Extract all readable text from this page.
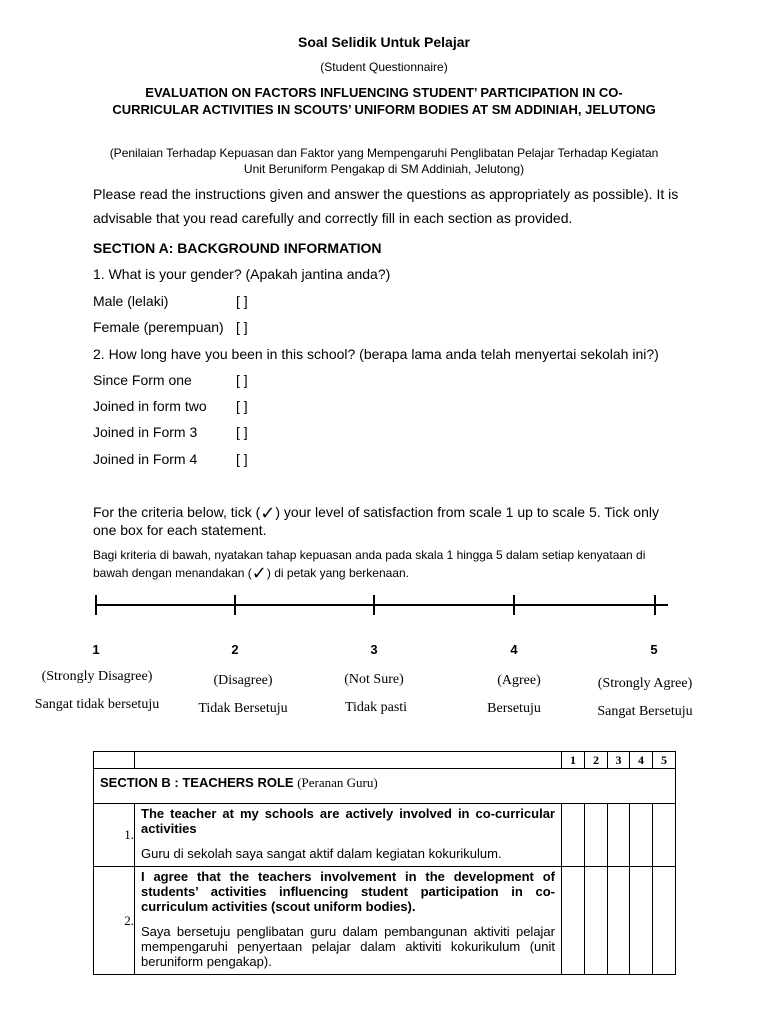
Soal Selidik Untuk Pelajar
(Student Questionnaire)
EVALUATION ON FACTORS INFLUENCING STUDENT’ PARTICIPATION IN CO-CURRICULAR ACTIVITIES IN SCOUTS’ UNIFORM BODIES AT SM ADDINIAH, JELUTONG
(Penilaian Terhadap Kepuasan dan Faktor yang Mempengaruhi Penglibatan Pelajar Terhadap Kegiatan Unit Beruniform Pengakap di SM Addiniah, Jelutong)
Please read the instructions given and answer the questions as appropriately as possible). It is advisable that you read carefully and correctly fill in each section as provided.
SECTION A: BACKGROUND INFORMATION
1. What is your gender? (Apakah jantina anda?)
Male (lelaki)	[ ]
Female (perempuan) [ ]
2. How long have you been in this school? (berapa lama anda telah menyertai sekolah ini?)
Since Form one	[ ]
Joined in form two [ ]
Joined in Form 3	[ ]
Joined in Form 4	[ ]
For the criteria below, tick (✓) your level of satisfaction from scale 1 up to scale 5. Tick only one box for each statement.
Bagi kriteria di bawah, nyatakan tahap kepuasan anda pada skala 1 hingga 5 dalam setiap kenyataan di bawah dengan menandakan (✓) di petak yang berkenaan.
1	2	3	4	5
(Strongly Disagree)
Sangat tidak bersetuju
(Disagree)
Tidak Bersetuju
(Not Sure)
Tidak pasti
(Agree)
Bersetuju
(Strongly Agree)
Sangat Bersetuju
		1	2	3	4	5
SECTION B : TEACHERS ROLE (Peranan Guru)						
1.	The teacher at my schools are actively involved in co-curricular activities
Guru di sekolah saya sangat aktif dalam kegiatan kokurikulum.					

2.	I agree that the teachers involvement in the development of students’ activities influencing student participation in co-curriculum activities (scout uniform bodies).
Saya bersetuju penglibatan guru dalam pembangunan aktiviti pelajar mempengaruhi penyertaan pelajar dalam aktiviti kokurikulum (unit beruniform pengakap).					
